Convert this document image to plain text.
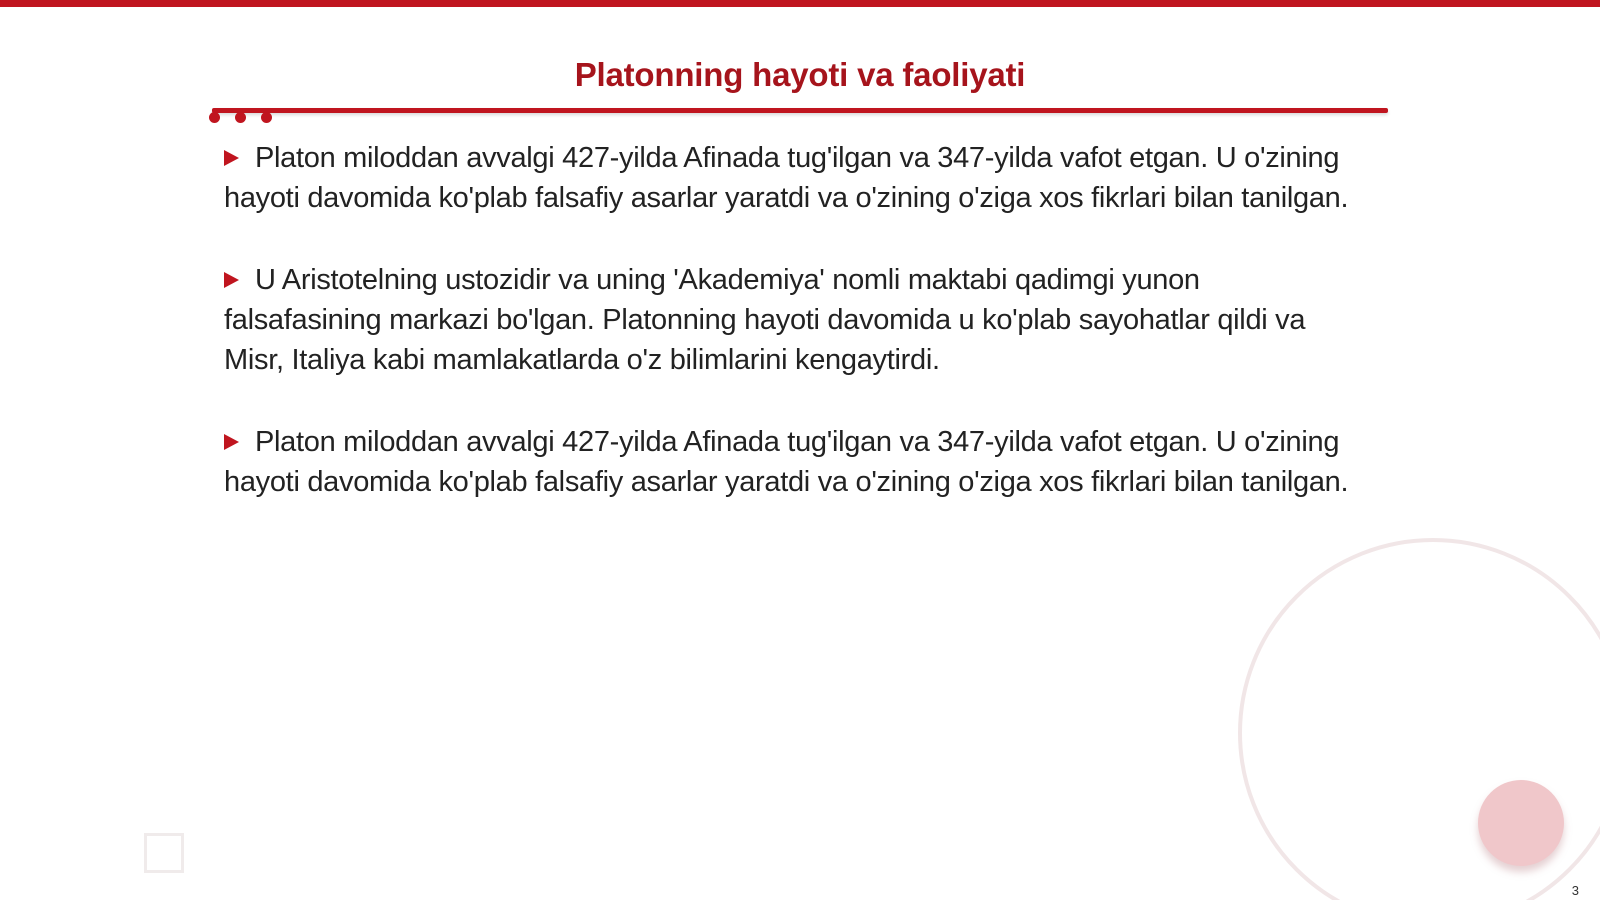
Platonning hayoti va faoliyati

Platon miloddan avvalgi 427-yilda Afinada tug'ilgan va 347-yilda vafot etgan. U o'zining hayoti davomida ko'plab falsafiy asarlar yaratdi va o'zining o'ziga xos fikrlari bilan tanilgan.

U Aristotelning ustozidir va uning 'Akademiya' nomli maktabi qadimgi yunon falsafasining markazi bo'lgan. Platonning hayoti davomida u ko'plab sayohatlar qildi va Misr, Italiya kabi mamlakatlarda o'z bilimlarini kengaytirdi.

Platon miloddan avvalgi 427-yilda Afinada tug'ilgan va 347-yilda vafot etgan. U o'zining hayoti davomida ko'plab falsafiy asarlar yaratdi va o'zining o'ziga xos fikrlari bilan tanilgan.

3
